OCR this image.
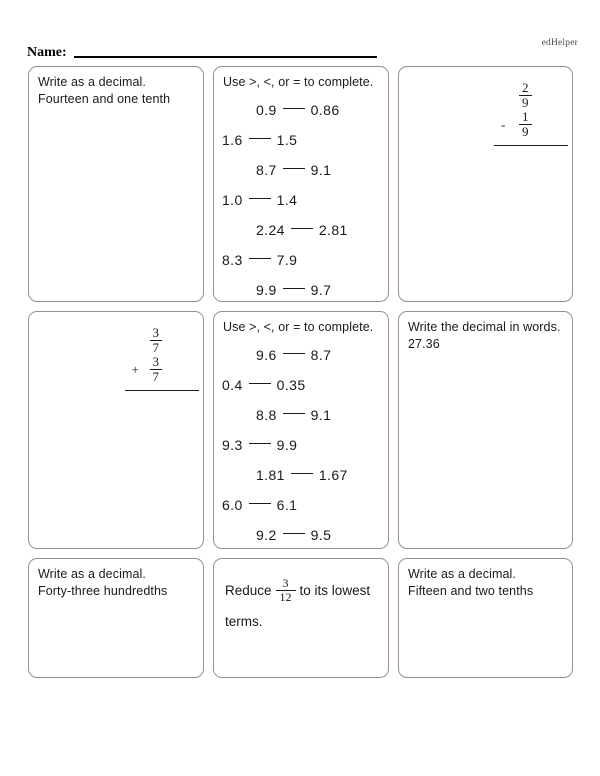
edHelper
Name:
Write as a decimal.
Fourteen and one tenth
Use >, <, or = to complete.
0.9 0.86
1.6 1.5
8.7 9.1
1.0 1.4
2.24 2.81
8.3 7.9
9.9 9.7
$\frac{2}{9}$
-	$\frac{1}{9}$
$\frac{3}{7}$
+ $\frac{3}{7}$
Use >, <, or = to complete.
9.6 8.7
0.4 0.35
8.8 9.1
9.3 9.9
1.81 1.67
6.0 6.1
9.2 9.5
Write the decimal in words.
27.36
Write as a decimal.
Forty-three hundredths	Reduce $\frac{3}{12}$ to its lowest terms.
Write as a decimal.
Fifteen and two tenths
